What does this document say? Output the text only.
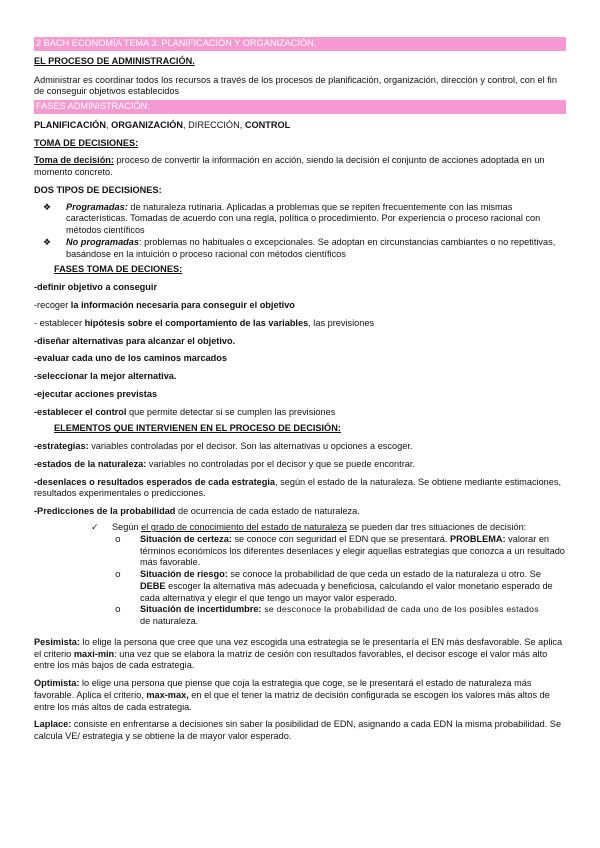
2 BACH ECONOMÍA TEMA 3: PLANIFICACIÓN Y ORGANIZACIÓN.

EL PROCESO DE ADMINISTRACIÓN.

Administrar es coordinar todos los recursos a través de los procesos de planificación, organización, dirección y control, con el fin de conseguir objetivos establecidos

FASES ADMINISTRACIÓN:

PLANIFICACIÓN, ORGANIZACIÓN, DIRECCIÓN, CONTROL

TOMA DE DECISIONES:

Toma de decisión: proceso de convertir la información en acción, siendo la decisión el conjunto de acciones adoptada en un momento concreto.

DOS TIPOS DE DECISIONES:

❖ Programadas: de naturaleza rutinaria. Aplicadas a problemas que se repiten frecuentemente con las mismas características. Tomadas de acuerdo con una regla, política o procedimiento. Por experiencia o proceso racional con métodos científicos
❖ No programadas: problemas no habituales o excepcionales. Se adoptan en circunstancias cambiantes o no repetitivas, basándose en la intuición o proceso racional con métodos científicos

FASES TOMA DE DECIONES:

-definir objetivo a conseguir

-recoger la información necesaria para conseguir el objetivo

- establecer hipótesis sobre el comportamiento de las variables, las previsiones

-diseñar alternativas para alcanzar el objetivo.

-evaluar cada uno de los caminos marcados

-seleccionar la mejor alternativa.

-ejecutar acciones previstas

-establecer el control que permite detectar si se cumplen las previsiones

ELEMENTOS QUE INTERVIENEN EN EL PROCESO DE DECISIÓN:

-estrategias: variables controladas por el decisor. Son las alternativas u opciones a escoger.

-estados de la naturaleza: variables no controladas por el decisor y que se puede encontrar.

-desenlaces o resultados esperados de cada estrategia, según el estado de la naturaleza. Se obtiene mediante estimaciones, resultados experimentales o predicciones.

-Predicciones de la probabilidad de ocurrencia de cada estado de naturaleza.

✓ Según el grado de conocimiento del estado de naturaleza se pueden dar tres situaciones de decisión:
o Situación de certeza: se conoce con seguridad el EDN que se presentará. PROBLEMA: valorar en términos económicos los diferentes desenlaces y elegir aquellas estrategias que conozca a un resultado más favorable.
o Situación de riesgo: se conoce la probabilidad de que ceda un estado de la naturaleza u otro. Se DEBE escoger la alternativa más adecuada y beneficiosa, calculando el valor monetario esperado de cada alternativa y elegir el que tengo un mayor valor esperado.
o Situación de incertidumbre: se desconoce la probabilidad de cada uno de los posibles estados
de naturaleza.

Pesimista: lo elige la persona que cree que una vez escogida una estrategia se le presentaría el EN más desfavorable. Se aplica el criterio maxi-min: una vez que se elabora la matriz de cesión con resultados favorables, el decisor escoge el valor más alto entre los más bajos de cada estrategia.

Optimista: lo elige una persona que piense que coja la estrategia que coge, se le presentará el estado de naturaleza más favorable. Aplica el criterio, max-max, en el que el tener la matriz de decisión configurada se escogen los valores más altos de entre los más altos de cada estrategia.

Laplace: consiste en enfrentarse a decisiones sin saber la posibilidad de EDN, asignando a cada EDN la misma probabilidad. Se calcula VE/ estrategia y se obtiene la de mayor valor esperado.
